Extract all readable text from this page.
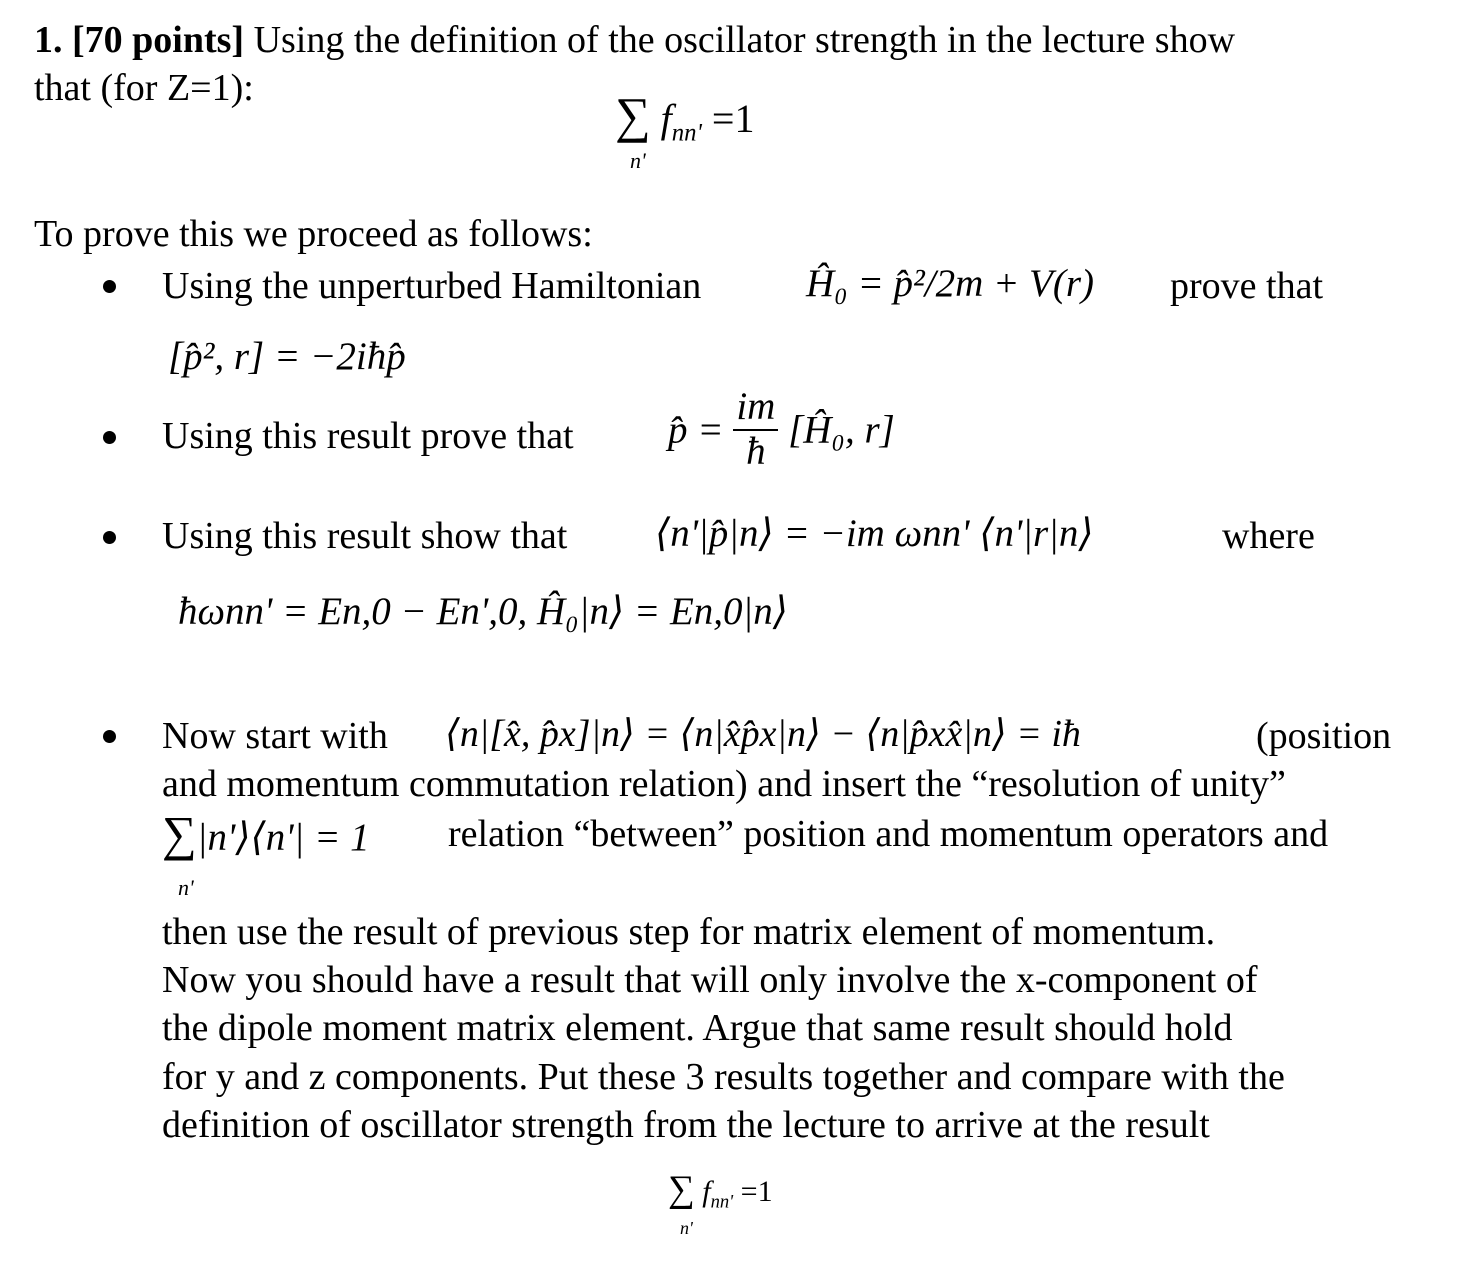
1. [70 points] Using the definition of the oscillator strength in the lecture show
that (for Z=1):	∑ $f_{nn'} =1$
n'
To prove this we proceed as follows:
Using the unperturbed Hamiltonian	Ĥ₀ = p̂²/2m + V(r) prove that
[p̂², r] = −2iħp̂
Using this result prove that p̂ = $\frac{im}{ħ}$ [Ĥ₀, r]
Using this result show that ⟨n'|p̂|n⟩ = −im ωnn' ⟨n'|r|n⟩	where
ħωnn' = En,0 − En',0, Ĥ₀|n⟩ = En,0|n⟩
Now start with ⟨n|[x̂, p̂x]|n⟩ = ⟨n|x̂p̂x|n⟩ − ⟨n|p̂xx̂|n⟩ = iħ	(position
and momentum commutation relation) and insert the “resolution of unity”
∑|n'⟩⟨n'| = 1
n'
relation “between” position and momentum operators and
then use the result of previous step for matrix element of momentum.
Now you should have a result that will only involve the x-component of
the dipole moment matrix element. Argue that same result should hold
for y and z components. Put these 3 results together and compare with the
definition of oscillator strength from the lecture to arrive at the result
∑ $f_{nn'} =1$
n'
